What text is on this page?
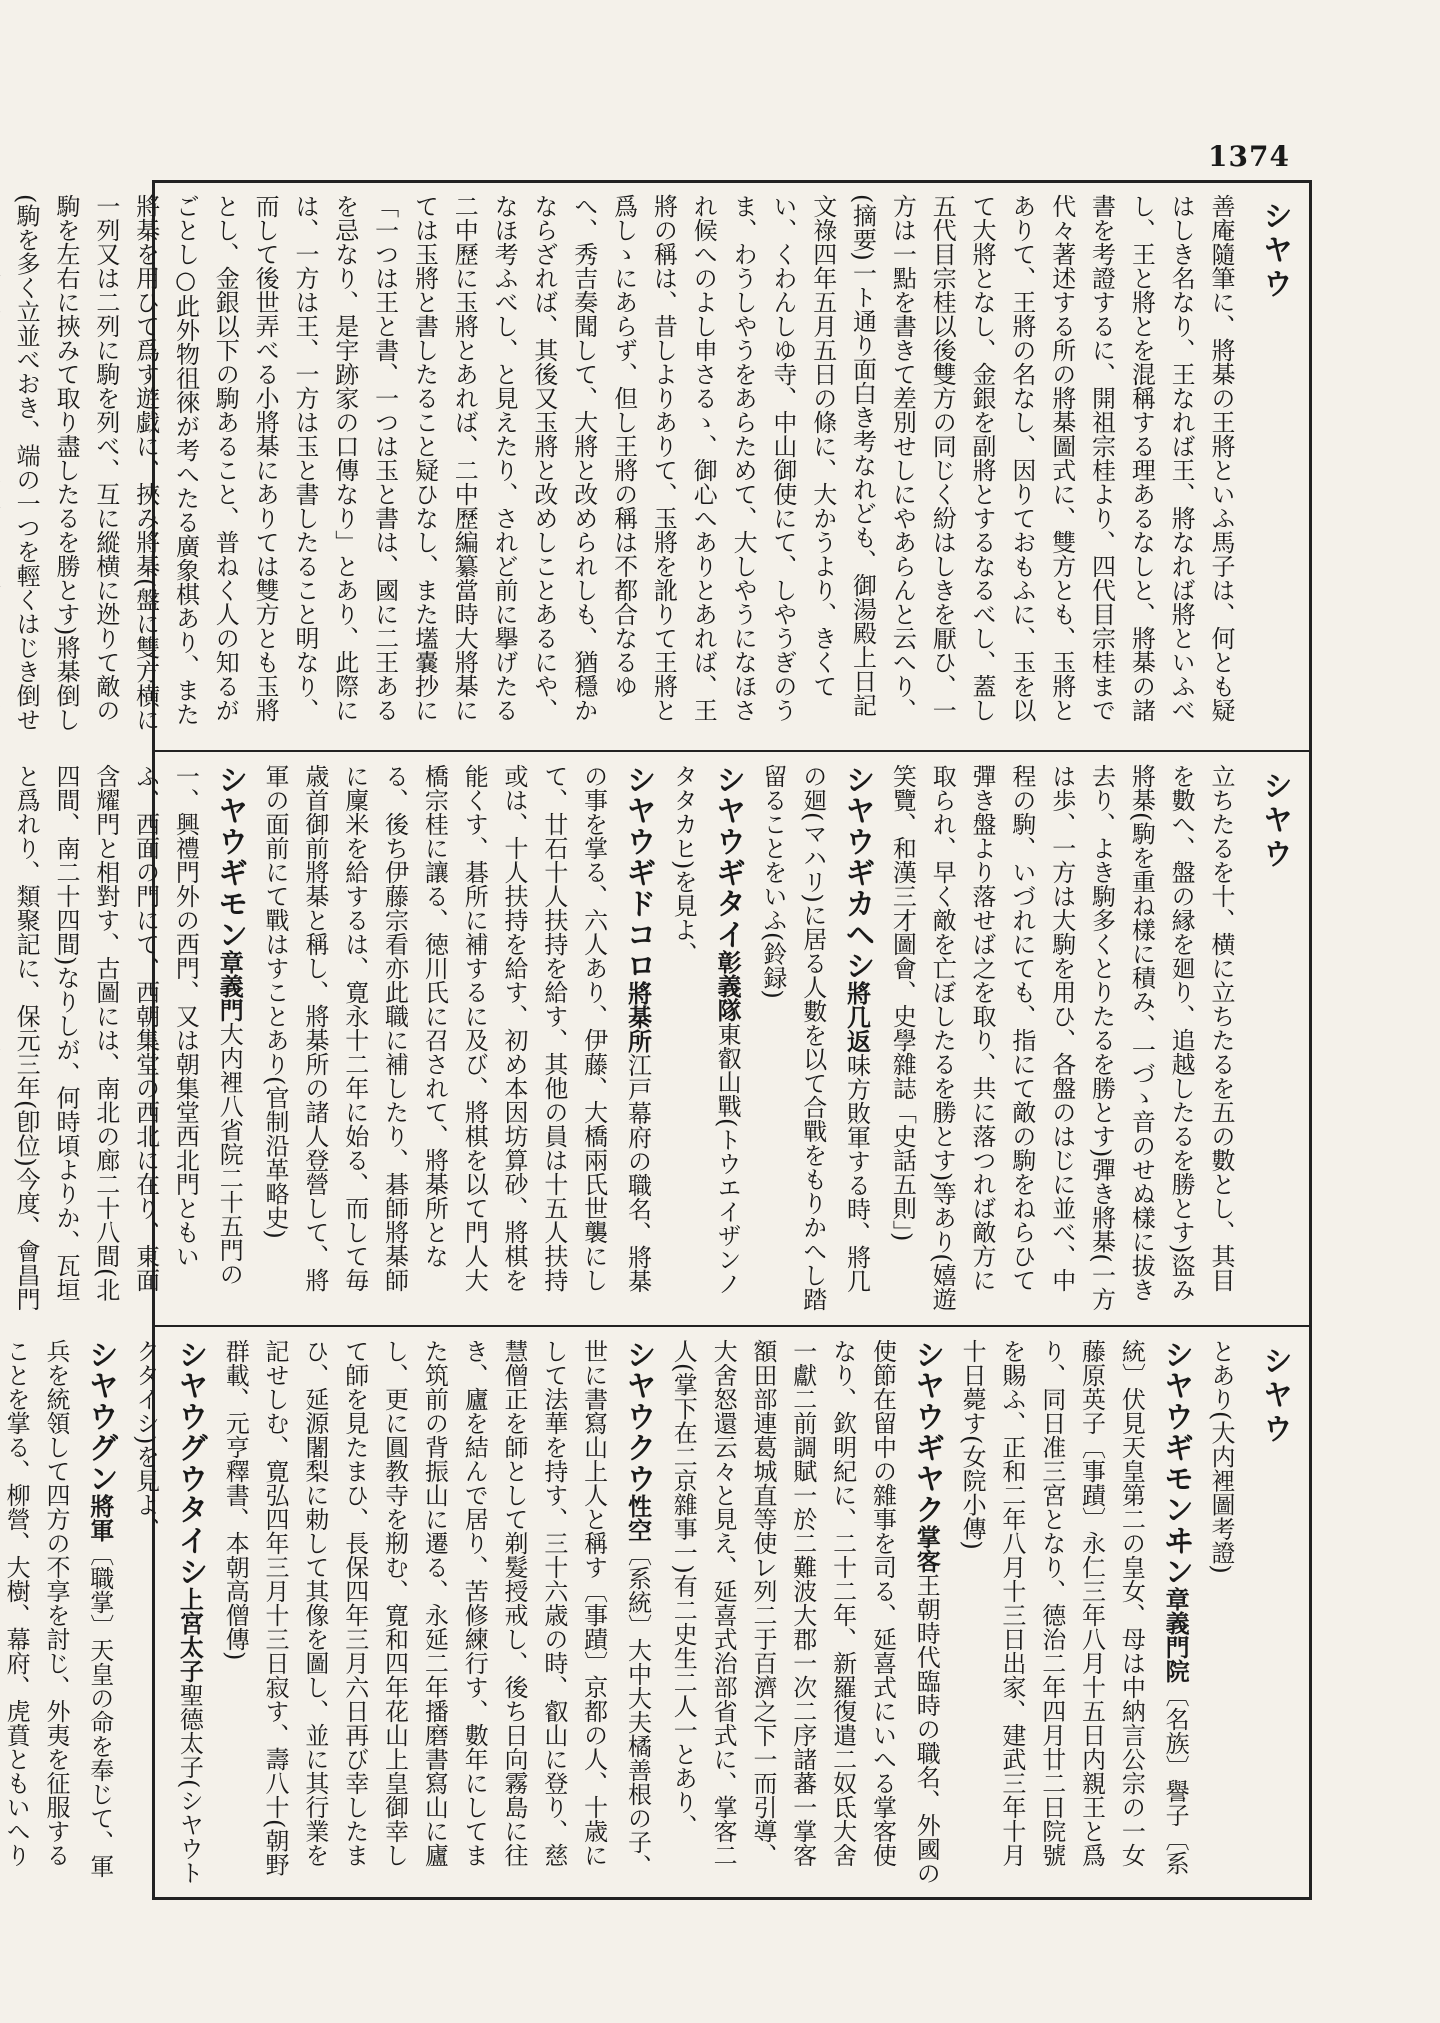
1374
シヤウ
善庵隨筆に、將棊の王將といふ馬子は、何とも疑はしき名なり、王なれば王、將なれば將といふべし、王と將とを混稱する理あるなしと、將棊の諸書を考證するに、開祖宗桂より、四代目宗桂まで代々著述する所の將棊圖式に、雙方とも、玉將とありて、王將の名なし、因りておもふに、玉を以て大將となし、金銀を副將とするなるべし、蓋し五代目宗桂以後雙方の同じく紛はしきを厭ひ、一方は一點を書きて差別せしにやあらんと云へり、(摘要)一ト通り面白き考なれども、御湯殿上日記文祿四年五月五日の條に、大かうより、きくてい、くわんしゆ寺、中山御使にて、しやうぎのうま、わうしやうをあらためて、大しやうになほされ候へのよし申さるゝ、御心へありとあれば、王將の稱は、昔しよりありて、玉將を訛りて王將と爲しゝにあらず、但し王將の稱は不都合なるゆへ、秀吉奏聞して、大將と改められしも、猶穩かならざれば、其後又玉將と改めしことあるにや、なほ考ふべし、と見えたり、されど前に擧げたる二中歷に玉將とあれば、二中歷編纂當時大將棊にては玉將と書したること疑ひなし、また壒嚢抄に「一つは王と書、一つは玉と書は、國に二王あるを忌なり、是宇跡家の口傳なり」とあり、此際には、一方は王、一方は玉と書したること明なり、而して後世弄べる小將棊にありては雙方とも玉將とし、金銀以下の駒あること、普ねく人の知るがごとし○此外物徂徠が考へたる廣象棋あり、また將棊を用ひて爲す遊戯に、挾み將棊(盤に雙方横に一列又は二列に駒を列べ、互に縱横に迯りて敵の駒を左右に挾みて取り盡したるを勝とす)將棊倒し(駒を多く立並べおき、端の一つを輕くはじき倒せ
シヤウ
立ちたるを十、横に立ちたるを五の數とし、其目を數へ、盤の縁を廻り、追越したるを勝とす)盜み將棊(駒を重ね樣に積み、一づゝ音のせぬ樣に拔き去り、よき駒多くとりたるを勝とす)彈き將棊(一方は歩、一方は大駒を用ひ、各盤のはじに並べ、中程の駒、いづれにても、指にて敵の駒をねらひて彈き盤より落せば之を取り、共に落つれば敵方に取られ、早く敵を亡ぼしたるを勝とす)等あり(嬉遊笑覽、和漢三才圖會、史學雜誌「史話五則」)
シヤウギカヘシ將几返味方敗軍する時、將几の廻(マハリ)に居る人數を以て合戰をもりかへし踏留ることをいふ(鈴録)
シヤウギタイ彰義隊東叡山戰(トウエイザンノタタカヒ)を見よ、
シヤウギドコロ將棊所江戸幕府の職名、將棊の事を掌る、六人あり、伊藤、大橋兩氏世襲にして、廿石十人扶持を給す、其他の員は十五人扶持或は、十人扶持を給す、初め本因坊算砂、將棋を能くす、碁所に補するに及び、將棋を以て門人大橋宗桂に讓る、徳川氏に召されて、將棊所となる、後ち伊藤宗看亦此職に補したり、碁師將棊師に廩米を給するは、寛永十二年に始る、而して毎歳首御前將棊と稱し、將棊所の諸人登營して、將軍の面前にて戰はすことあり(官制沿革略史)
シヤウギモン章義門大内裡八省院二十五門の一、興禮門外の西門、又は朝集堂西北門ともいふ、西面の門にて、西朝集堂の西北に在り、東面含耀門と相對す、古圖には、南北の廊二十八間(北四間、南二十四間)なりしが、何時頃よりか、瓦垣と爲れり、類聚記に、保元三年(卽位)今度、會昌門
シヤウ
とあり(大内裡圖考證)
シヤウギモンヰン章義門院〔名族〕譽子〔系統〕伏見天皇第二の皇女、母は中納言公宗の一女藤原英子〔事蹟〕永仁三年八月十五日内親王と爲り、同日准三宮となり、德治二年四月廿二日院號を賜ふ、正和二年八月十三日出家、建武三年十月十日薨す(女院小傳)
シヤウギヤク掌客王朝時代臨時の職名、外國の使節在留中の雜事を司る、延喜式にいへる掌客使なり、欽明紀に、二十二年、新羅復遣二奴氐大舍一獻二前調賦一於二難波大郡一次二序諸蕃一掌客額田部連葛城直等使レ列二于百濟之下一而引導、大舍怒還云々と見え、延喜式治部省式に、掌客二人(掌下在二京雜事一)有二史生二人一とあり、
シヤウクウ性空〔系統〕大中大夫橘善根の子、世に書寫山上人と稱す〔事蹟〕京都の人、十歳にして法華を持す、三十六歳の時、叡山に登り、慈慧僧正を師として剃髮授戒し、後ち日向霧島に往き、廬を結んで居り、苦修練行す、數年にしてまた筑前の背振山に遷る、永延二年播磨書寫山に廬し、更に圓教寺を剏む、寛和四年花山上皇御幸して師を見たまひ、長保四年三月六日再び幸したまひ、延源闍梨に勅して其像を圖し、並に其行業を記せしむ、寛弘四年三月十三日寂す、壽八十(朝野群載、元亨釋書、本朝高僧傳)
シヤウグウタイシ上宮太子聖德太子(シヤウトクタイシ)を見よ、
シヤウグン將軍〔職掌〕天皇の命を奉じて、軍兵を統領して四方の不享を討じ、外夷を征服することを掌る、柳營、大樹、幕府、虎賁ともいへり
